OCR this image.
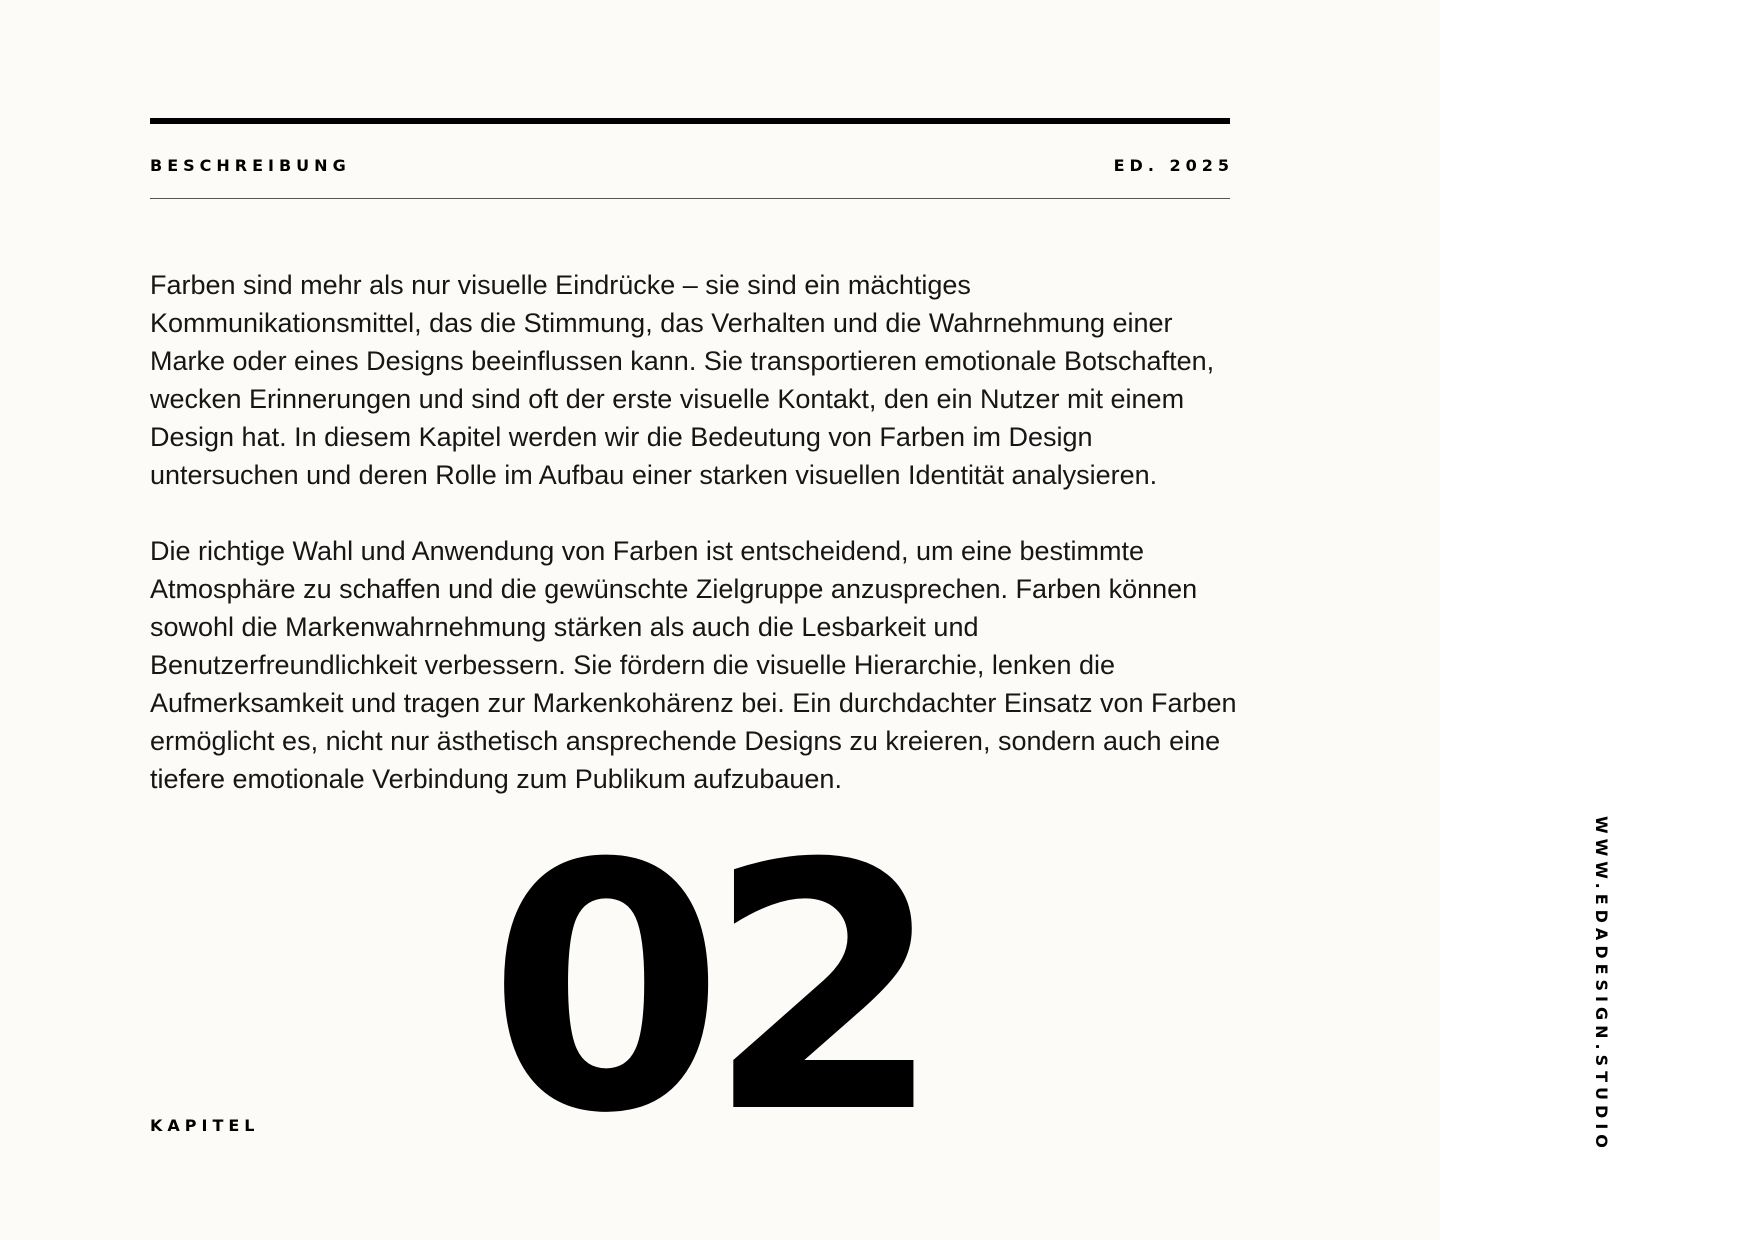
BESCHREIBUNG	ED. 2025

Farben sind mehr als nur visuelle Eindrücke – sie sind ein mächtiges Kommunikationsmittel, das die Stimmung, das Verhalten und die Wahrnehmung einer Marke oder eines Designs beeinflussen kann. Sie transportieren emotionale Botschaften, wecken Erinnerungen und sind oft der erste visuelle Kontakt, den ein Nutzer mit einem Design hat. In diesem Kapitel werden wir die Bedeutung von Farben im Design untersuchen und deren Rolle im Aufbau einer starken visuellen Identität analysieren.

Die richtige Wahl und Anwendung von Farben ist entscheidend, um eine bestimmte Atmosphäre zu schaffen und die gewünschte Zielgruppe anzusprechen. Farben können sowohl die Markenwahrnehmung stärken als auch die Lesbarkeit und Benutzerfreundlichkeit verbessern. Sie fördern die visuelle Hierarchie, lenken die Aufmerksamkeit und tragen zur Markenkohärenz bei. Ein durchdachter Einsatz von Farben ermöglicht es, nicht nur ästhetisch ansprechende Designs zu kreieren, sondern auch eine tiefere emotionale Verbindung zum Publikum aufzubauen.

02
KAPITEL	WWW.EDADESIGN.STUDIO
